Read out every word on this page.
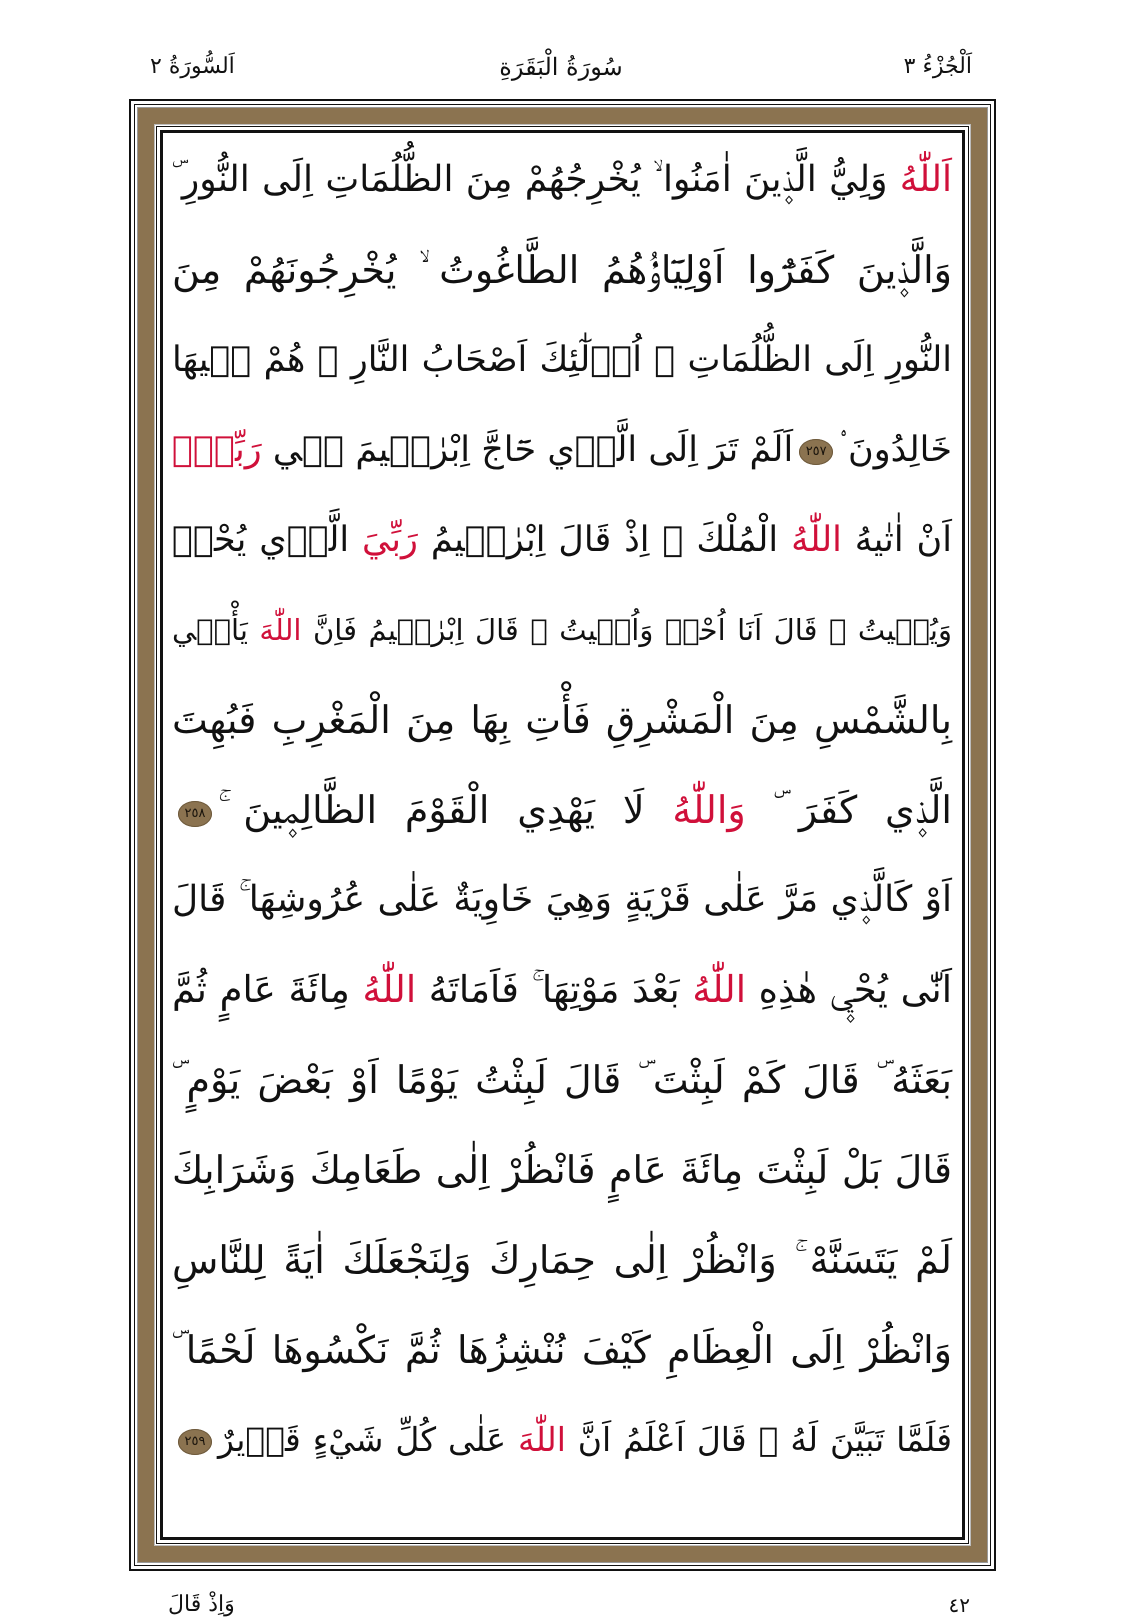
اَلْجُزْءُ ٣
سُورَةُ الْبَقَرَةِ
اَلسُّورَةُ ٢
اَللّٰهُ وَلِيُّ الَّذ۪ينَ اٰمَنُوا ۙ يُخْرِجُهُمْ مِنَ الظُّلُمَاتِ اِلَى النُّورِ ۜ
وَالَّذ۪ينَ كَفَرُٓوا اَوْلِيَٓاؤُ۬هُمُ الطَّاغُوتُ ۙ يُخْرِجُونَهُمْ مِنَ
النُّورِ اِلَى الظُّلُمَاتِ ۜ اُو۬لٰٓئِكَ اَصْحَابُ النَّارِ ۚ هُمْ ف۪يهَا
خَالِدُونَ ۟٢٥٧اَلَمْ تَرَ اِلَى الَّذ۪ي حَٓاجَّ اِبْرٰه۪يمَ ف۪ي رَبِّه۪ٓ
اَنْ اٰتٰيهُ اللّٰهُ الْمُلْكَ ۢ اِذْ قَالَ اِبْرٰه۪يمُ رَبِّيَ الَّذ۪ي يُحْي۪
وَيُم۪يتُ ۙ قَالَ اَنَا اُحْي۪ وَاُم۪يتُ ۜ قَالَ اِبْرٰه۪يمُ فَاِنَّ اللّٰهَ يَأْت۪ي
بِالشَّمْسِ مِنَ الْمَشْرِقِ فَأْتِ بِهَا مِنَ الْمَغْرِبِ فَبُهِتَ
الَّذ۪ي كَفَرَ ۜ وَاللّٰهُ لَا يَهْدِي الْقَوْمَ الظَّالِم۪ينَ ۚ٢٥٨
اَوْ كَالَّذ۪ي مَرَّ عَلٰى قَرْيَةٍ وَهِيَ خَاوِيَةٌ عَلٰى عُرُوشِهَا ۚ قَالَ
اَنّٰى يُحْي۪ هٰذِهِ اللّٰهُ بَعْدَ مَوْتِهَا ۚ فَاَمَاتَهُ اللّٰهُ مِائَةَ عَامٍ ثُمَّ
بَعَثَهُ ۜ قَالَ كَمْ لَبِثْتَ ۜ قَالَ لَبِثْتُ يَوْمًا اَوْ بَعْضَ يَوْمٍ ۜ
قَالَ بَلْ لَبِثْتَ مِائَةَ عَامٍ فَانْظُرْ اِلٰى طَعَامِكَ وَشَرَابِكَ
لَمْ يَتَسَنَّهْ ۚ وَانْظُرْ اِلٰى حِمَارِكَ وَلِنَجْعَلَكَ اٰيَةً لِلنَّاسِ
وَانْظُرْ اِلَى الْعِظَامِ كَيْفَ نُنْشِزُهَا ثُمَّ نَكْسُوهَا لَحْمًا ۜ
فَلَمَّا تَبَيَّنَ لَهُ ۙ قَالَ اَعْلَمُ اَنَّ اللّٰهَ عَلٰى كُلِّ شَيْءٍ قَد۪يرٌ٢٥٩
وَاِذْ قَالَ	٤٢
